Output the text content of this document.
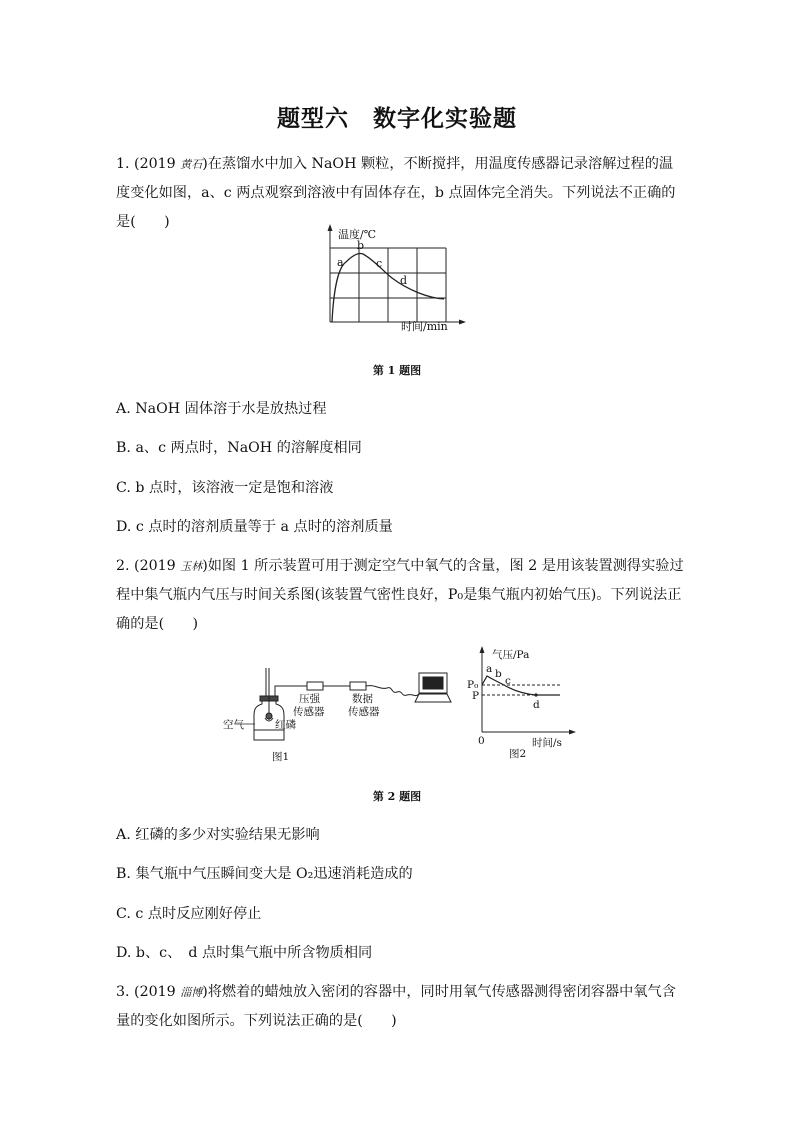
题型六　数字化实验题
1. (2019 黄石)在蒸馏水中加入 NaOH 颗粒，不断搅拌，用温度传感器记录溶解过程的温度变化如图，a、c 两点观察到溶液中有固体存在，b 点固体完全消失。下列说法不正确的是(　　)
温度/℃
时间/min
a
b
c
d
第 1 题图
A. NaOH 固体溶于水是放热过程
B. a、c 两点时，NaOH 的溶解度相同
C. b 点时，该溶液一定是饱和溶液
D. c 点时的溶剂质量等于 a 点时的溶剂质量
2. (2019 玉林)如图 1 所示装置可用于测定空气中氧气的含量，图 2 是用该装置测得实验过程中集气瓶内气压与时间关系图(该装置气密性良好，P₀是集气瓶内初始气压)。下列说法正确的是(　　)
压强
传感器
数据
传感器
空气	红磷
图1
气压/Pa
P₀
P
0	时间/s
a b
c
d
图2
第 2 题图
A. 红磷的多少对实验结果无影响
B. 集气瓶中气压瞬间变大是 O₂迅速消耗造成的
C. c 点时反应刚好停止
D. b、c、　d 点时集气瓶中所含物质相同
3. (2019 淄博)将燃着的蜡烛放入密闭的容器中，同时用氧气传感器测得密闭容器中氧气含量的变化如图所示。下列说法正确的是(　　)
